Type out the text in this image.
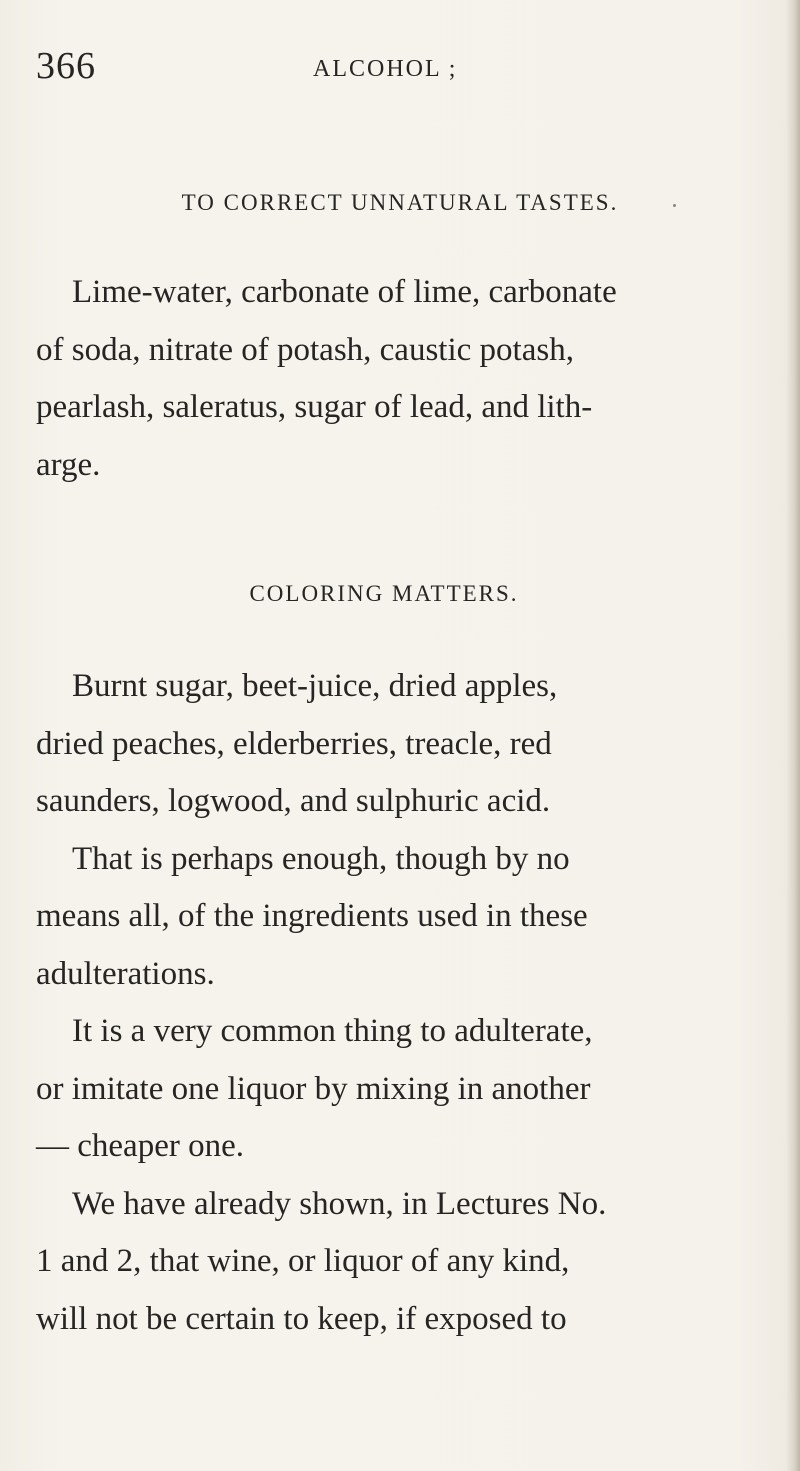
366	ALCOHOL ;
TO CORRECT UNNATURAL TASTES.

Lime-water, carbonate of lime, carbonate
of soda, nitrate of potash, caustic potash,
pearlash, saleratus, sugar of lead, and lith-
arge.

COLORING MATTERS.

Burnt sugar, beet-juice, dried apples,
dried peaches, elderberries, treacle, red
saunders, logwood, and sulphuric acid.
That is perhaps enough, though by no
means all, of the ingredients used in these
adulterations.
It is a very common thing to adulterate,
or imitate one liquor by mixing in another
— cheaper one.
We have already shown, in Lectures No.
1 and 2, that wine, or liquor of any kind,
will not be certain to keep, if exposed to
